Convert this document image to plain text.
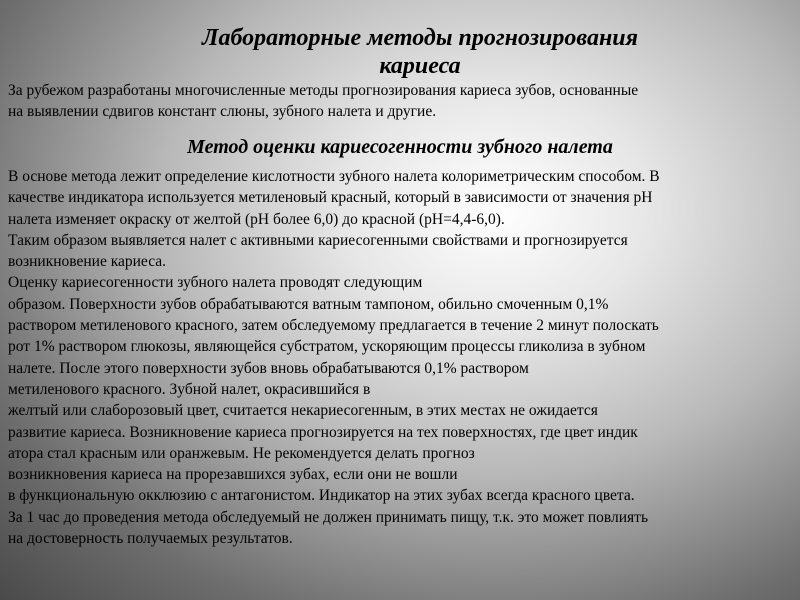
Лабораторные методы прогнозирования
кариеса

За рубежом разработаны многочисленные методы прогнозирования кариеса зубов, основанные
на выявлении сдвигов констант слюны, зубного налета и другие.

Метод оценки кариесогенности зубного налета

В основе метода лежит определение кислотности зубного налета колориметрическим способом. В
качестве индикатора используется метиленовый красный, который в зависимости от значения рН
налета изменяет окраску от желтой (рН более 6,0) до красной (рН=4,4-6,0).
Таким образом выявляется налет с активными кариесогенными свойствами и прогнозируется
возникновение кариеса.
Оценку кариесогенности зубного налета проводят следующим
образом. Поверхности зубов обрабатываются ватным тампоном, обильно смоченным 0,1%
раствором метиленового красного, затем обследуемому предлагается в течение 2 минут полоскать
рот 1% раствором глюкозы, являющейся субстратом, ускоряющим процессы гликолиза в зубном
налете. После этого поверхности зубов вновь обрабатываются 0,1% раствором
метиленового красного. Зубной налет, окрасившийся в
желтый или слаборозовый цвет, считается некариесогенным, в этих местах не ожидается
развитие кариеса. Возникновение кариеса прогнозируется на тех поверхностях, где цвет индик
атора стал красным или оранжевым. Не рекомендуется делать прогноз
возникновения кариеса на прорезавшихся зубах, если они не вошли
в функциональную окклюзию с антагонистом. Индикатор на этих зубах всегда красного цвета.
За 1 час до проведения метода обследуемый не должен принимать пищу, т.к. это может повлиять
на достоверность получаемых результатов.
